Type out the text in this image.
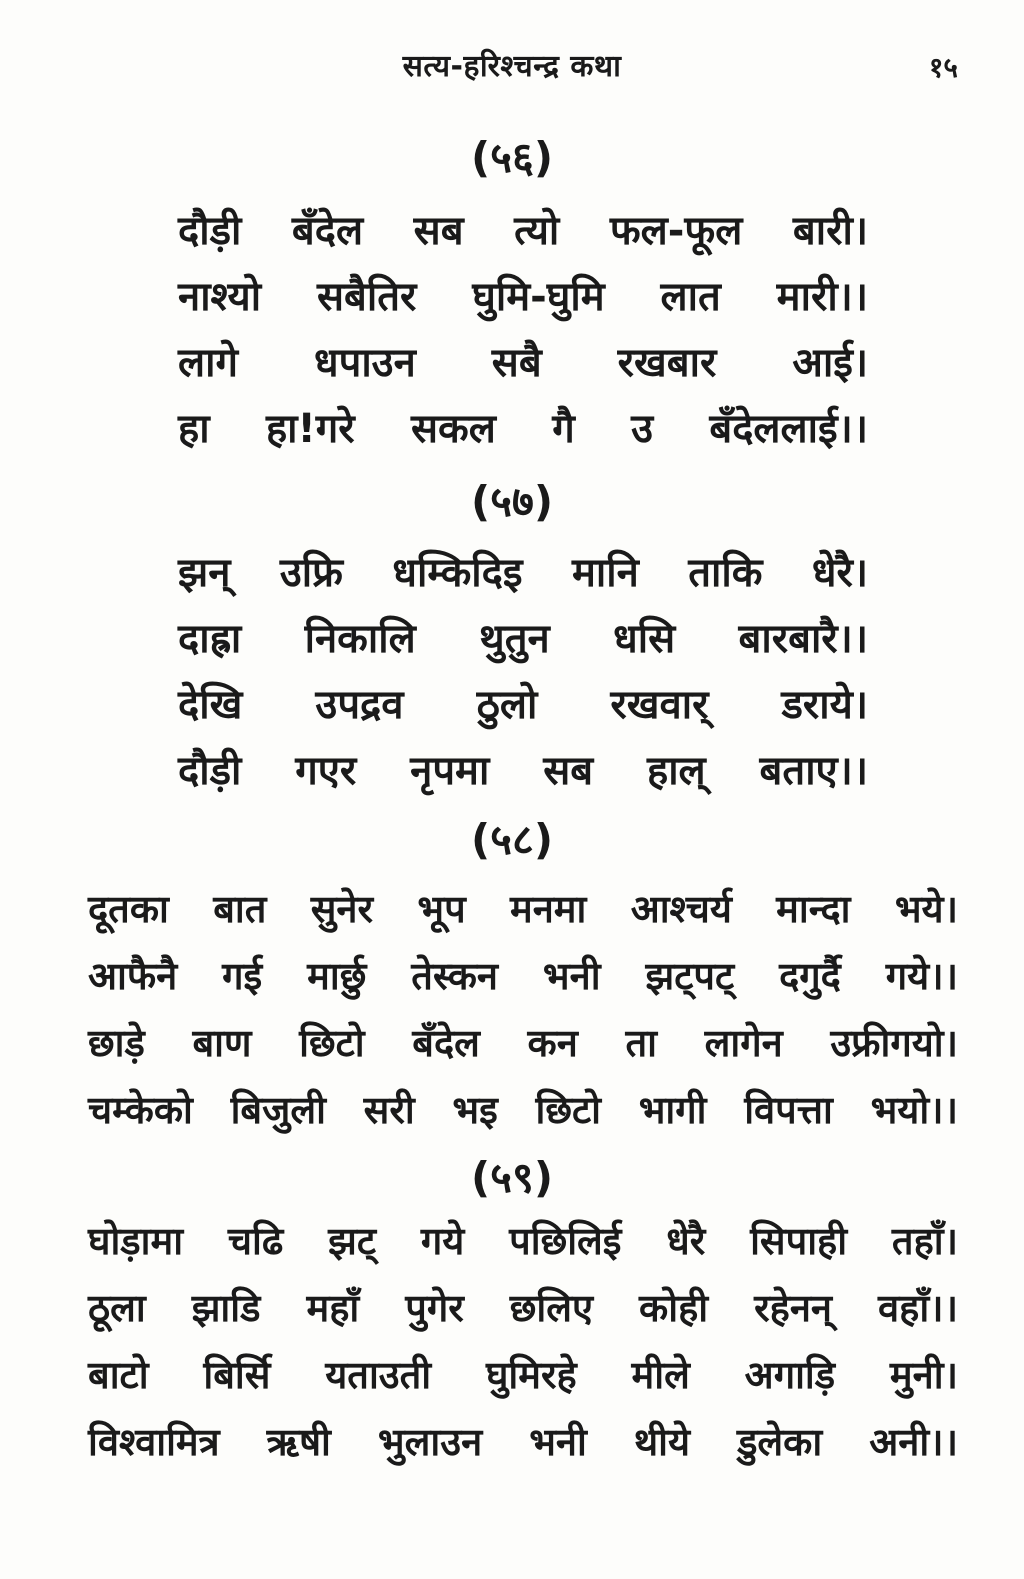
सत्य-हरिश्चन्द्र कथा	१५
(५६)
दौड़ी बँदेल सब त्यो फल-फूल बारी।
नाश्यो सबैतिर घुमि-घुमि लात मारी।।
लागे धपाउन सबै रखबार आई।
हा हा!गरे सकल गै उ बँदेललाई।।
(५७)
झन् उफ्रि धम्किदिइ मानि ताकि धेरै।
दाह्रा निकालि थुतुन धसि बारबारै।।
देखि उपद्रव ठुलो रखवार् डराये।
दौड़ी गएर नृपमा सब हाल् बताए।।
(५८)
दूतका बात सुनेर भूप मनमा आश्चर्य मान्दा भये।
आफैनै गई मार्छु तेस्कन भनी झट्पट् दगुर्दै गये।।
छाड़े बाण छिटो बँदेल कन ता लागेन उफ्रीगयो।
चम्केको बिजुली सरी भइ छिटो भागी विपत्ता भयो।।
(५९)
घोड़ामा चढि झट् गये पछिलिई धेरै सिपाही तहाँ।
ठूला झाडि महाँ पुगेर छलिए कोही रहेनन् वहाँ।।
बाटो बिर्सि यताउती घुमिरहे मीले अगाड़ि मुनी।
विश्वामित्र ऋषी भुलाउन भनी थीये डुलेका अनी।।
